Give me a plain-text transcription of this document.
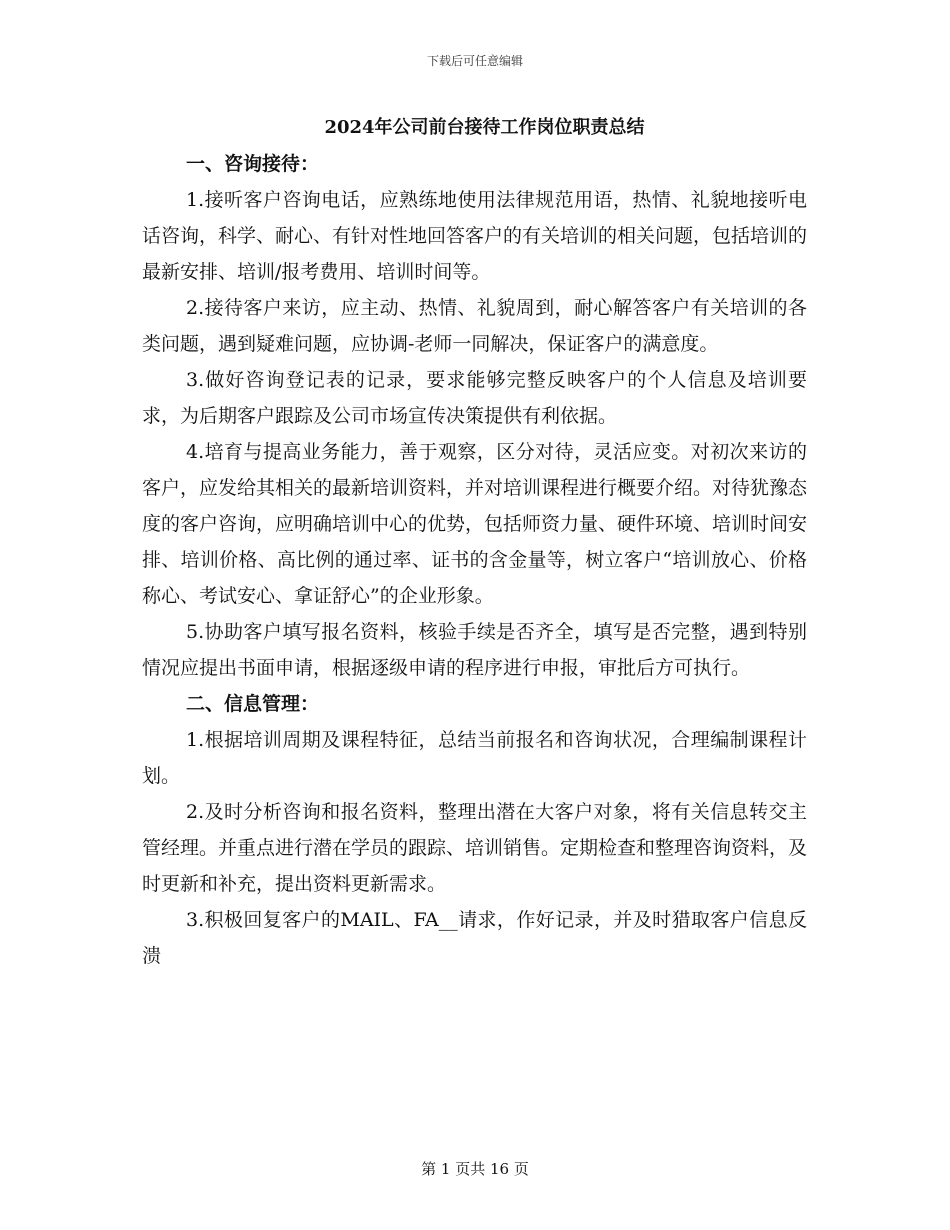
下载后可任意编辑
2024年公司前台接待工作岗位职责总结

一、咨询接待：

1.接听客户咨询电话，应熟练地使用法律规范用语，热情、礼貌地接听电话咨询，科学、耐心、有针对性地回答客户的有关培训的相关问题，包括培训的最新安排、培训/报考费用、培训时间等。

2.接待客户来访，应主动、热情、礼貌周到，耐心解答客户有关培训的各类问题，遇到疑难问题，应协调-老师一同解决，保证客户的满意度。

3.做好咨询登记表的记录，要求能够完整反映客户的个人信息及培训要求，为后期客户跟踪及公司市场宣传决策提供有利依据。

4.培育与提高业务能力，善于观察，区分对待，灵活应变。对初次来访的客户，应发给其相关的最新培训资料，并对培训课程进行概要介绍。对待犹豫态度的客户咨询，应明确培训中心的优势，包括师资力量、硬件环境、培训时间安排、培训价格、高比例的通过率、证书的含金量等，树立客户“培训放心、价格称心、考试安心、拿证舒心”的企业形象。

5.协助客户填写报名资料，核验手续是否齐全，填写是否完整，遇到特别情况应提出书面申请，根据逐级申请的程序进行申报，审批后方可执行。

二、信息管理：

1.根据培训周期及课程特征，总结当前报名和咨询状况，合理编制课程计划。

2.及时分析咨询和报名资料，整理出潜在大客户对象，将有关信息转交主管经理。并重点进行潜在学员的跟踪、培训销售。定期检查和整理咨询资料，及时更新和补充，提出资料更新需求。

3.积极回复客户的MAIL、FA__请求，作好记录，并及时猎取客户信息反溃

第 1 页共 16 页
